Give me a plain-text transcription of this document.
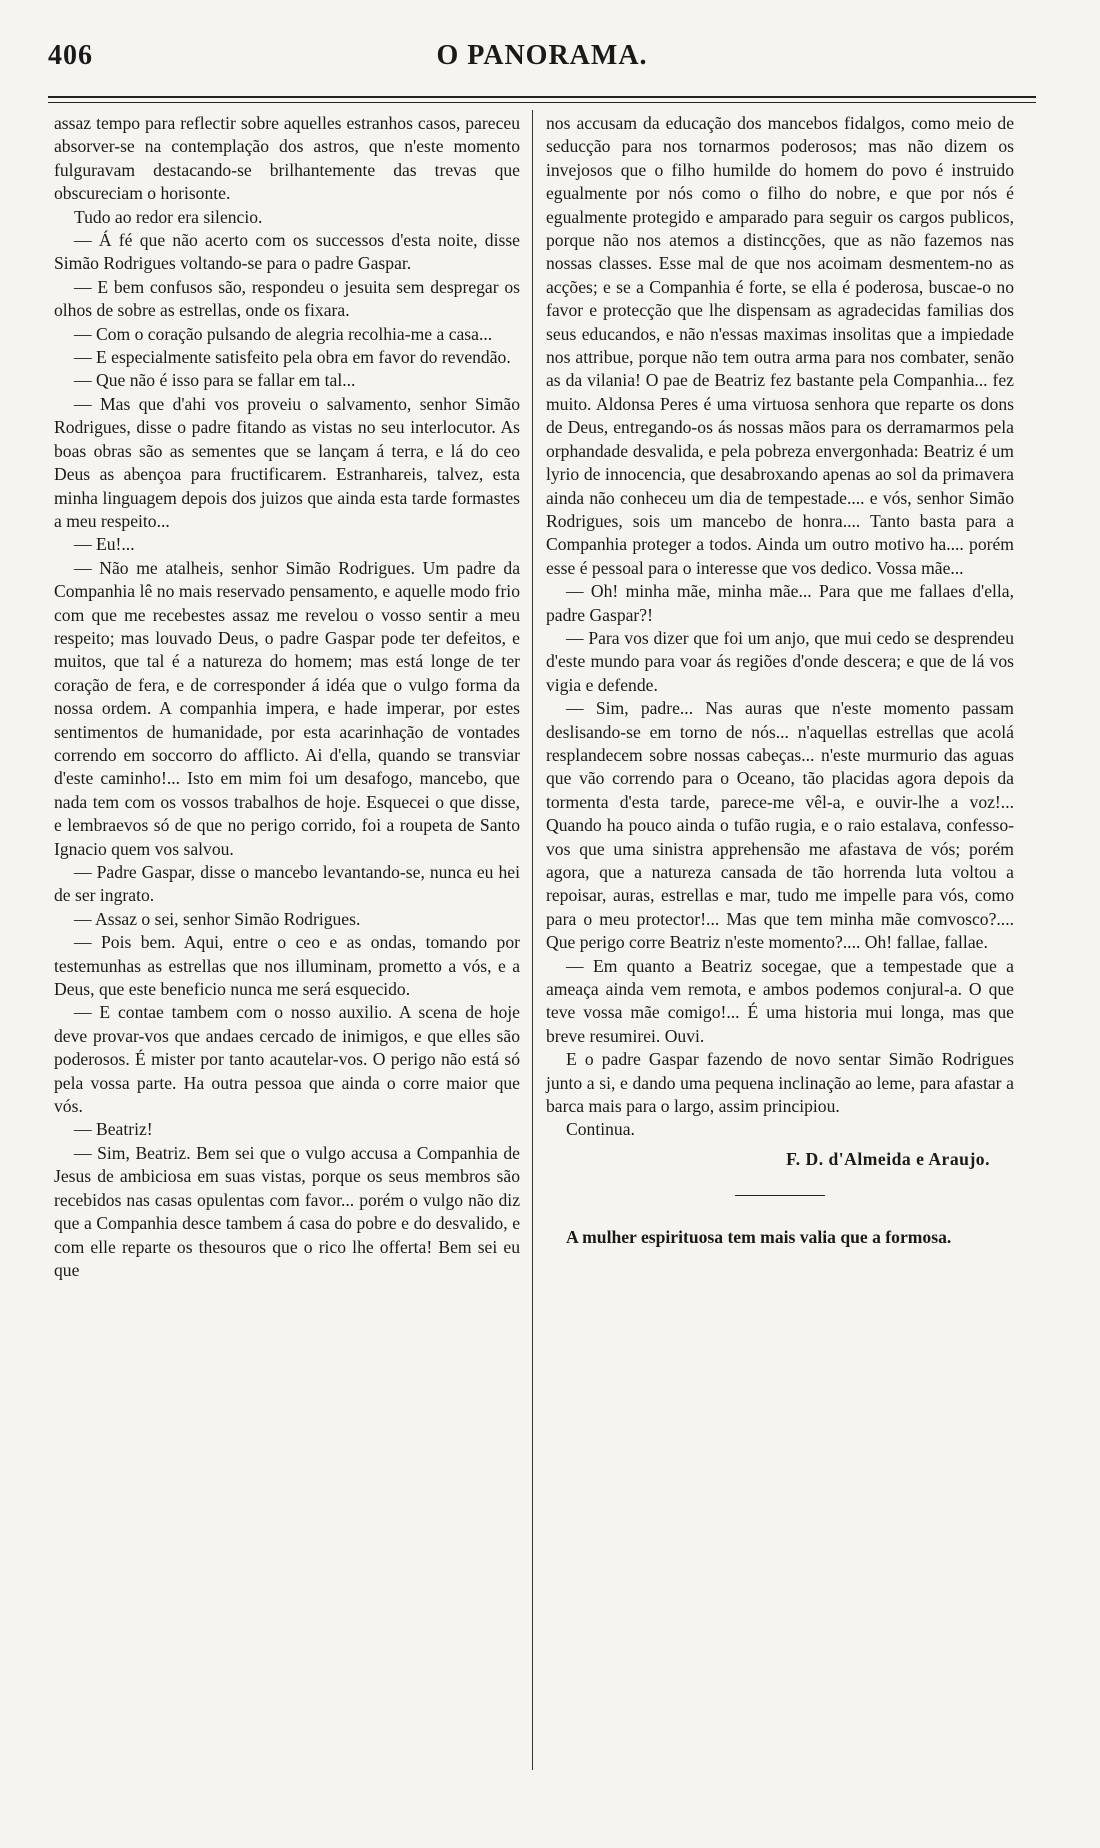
406	O PANORAMA.

assaz tempo para reflectir sobre aquelles estranhos casos, pareceu absorver-se na contemplação dos astros, que n'este momento fulguravam destacando-se brilhantemente das trevas que obscureciam o horisonte.

Tudo ao redor era silencio.

— Á fé que não acerto com os successos d'esta noite, disse Simão Rodrigues voltando-se para o padre Gaspar.

— E bem confusos são, respondeu o jesuita sem despregar os olhos de sobre as estrellas, onde os fixara.

— Com o coração pulsando de alegria recolhia-me a casa...

— E especialmente satisfeito pela obra em favor do revendão.

— Que não é isso para se fallar em tal...

— Mas que d'ahi vos proveiu o salvamento, senhor Simão Rodrigues, disse o padre fitando as vistas no seu interlocutor. As boas obras são as sementes que se lançam á terra, e lá do ceo Deus as abençoa para fructificarem. Estranhareis, talvez, esta minha linguagem depois dos juizos que ainda esta tarde formastes a meu respeito...

— Eu!...

— Não me atalheis, senhor Simão Rodrigues. Um padre da Companhia lê no mais reservado pensamento, e aquelle modo frio com que me recebestes assaz me revelou o vosso sentir a meu respeito; mas louvado Deus, o padre Gaspar pode ter defeitos, e muitos, que tal é a natureza do homem; mas está longe de ter coração de fera, e de corresponder á idéa que o vulgo forma da nossa ordem. A companhia impera, e hade imperar, por estes sentimentos de humanidade, por esta acarinhação de vontades correndo em soccorro do afflicto. Ai d'ella, quando se transviar d'este caminho!... Isto em mim foi um desafogo, mancebo, que nada tem com os vossos trabalhos de hoje. Esquecei o que disse, e lembraevos só de que no perigo corrido, foi a roupeta de Santo Ignacio quem vos salvou.

— Padre Gaspar, disse o mancebo levantando-se, nunca eu hei de ser ingrato.

— Assaz o sei, senhor Simão Rodrigues.

— Pois bem. Aqui, entre o ceo e as ondas, tomando por testemunhas as estrellas que nos illuminam, prometto a vós, e a Deus, que este beneficio nunca me será esquecido.

— E contae tambem com o nosso auxilio. A scena de hoje deve provar-vos que andaes cercado de inimigos, e que elles são poderosos. É mister por tanto acautelar-vos. O perigo não está só pela vossa parte. Ha outra pessoa que ainda o corre maior que vós.

— Beatriz!

— Sim, Beatriz. Bem sei que o vulgo accusa a Companhia de Jesus de ambiciosa em suas vistas, porque os seus membros são recebidos nas casas opulentas com favor... porém o vulgo não diz que a Companhia desce tambem á casa do pobre e do desvalido, e com elle reparte os thesouros que o rico lhe offerta! Bem sei eu que

nos accusam da educação dos mancebos fidalgos, como meio de seducção para nos tornarmos poderosos; mas não dizem os invejosos que o filho humilde do homem do povo é instruido egualmente por nós como o filho do nobre, e que por nós é egualmente protegido e amparado para seguir os cargos publicos, porque não nos atemos a distincções, que as não fazemos nas nossas classes. Esse mal de que nos acoimam desmentem-no as acções; e se a Companhia é forte, se ella é poderosa, buscae-o no favor e protecção que lhe dispensam as agradecidas familias dos seus educandos, e não n'essas maximas insolitas que a impiedade nos attribue, porque não tem outra arma para nos combater, senão as da vilania! O pae de Beatriz fez bastante pela Companhia... fez muito. Aldonsa Peres é uma virtuosa senhora que reparte os dons de Deus, entregando-os ás nossas mãos para os derramarmos pela orphandade desvalida, e pela pobreza envergonhada: Beatriz é um lyrio de innocencia, que desabroxando apenas ao sol da primavera ainda não conheceu um dia de tempestade.... e vós, senhor Simão Rodrigues, sois um mancebo de honra.... Tanto basta para a Companhia proteger a todos. Ainda um outro motivo ha.... porém esse é pessoal para o interesse que vos dedico. Vossa mãe...

— Oh! minha mãe, minha mãe... Para que me fallaes d'ella, padre Gaspar?!

— Para vos dizer que foi um anjo, que mui cedo se desprendeu d'este mundo para voar ás regiões d'onde descera; e que de lá vos vigia e defende.

— Sim, padre... Nas auras que n'este momento passam deslisando-se em torno de nós... n'aquellas estrellas que acolá resplandecem sobre nossas cabeças... n'este murmurio das aguas que vão correndo para o Oceano, tão placidas agora depois da tormenta d'esta tarde, parece-me vêl-a, e ouvir-lhe a voz!... Quando ha pouco ainda o tufão rugia, e o raio estalava, confesso-vos que uma sinistra apprehensão me afastava de vós; porém agora, que a natureza cansada de tão horrenda luta voltou a repoisar, auras, estrellas e mar, tudo me impelle para vós, como para o meu protector!... Mas que tem minha mãe comvosco?.... Que perigo corre Beatriz n'este momento?.... Oh! fallae, fallae.

— Em quanto a Beatriz socegae, que a tempestade que a ameaça ainda vem remota, e ambos podemos conjural-a. O que teve vossa mãe comigo!... É uma historia mui longa, mas que breve resumirei. Ouvi.

E o padre Gaspar fazendo de novo sentar Simão Rodrigues junto a si, e dando uma pequena inclinação ao leme, para afastar a barca mais para o largo, assim principiou.

Continua.

F. D. d'Almeida e Araujo.

A mulher espirituosa tem mais valia que a formosa.
